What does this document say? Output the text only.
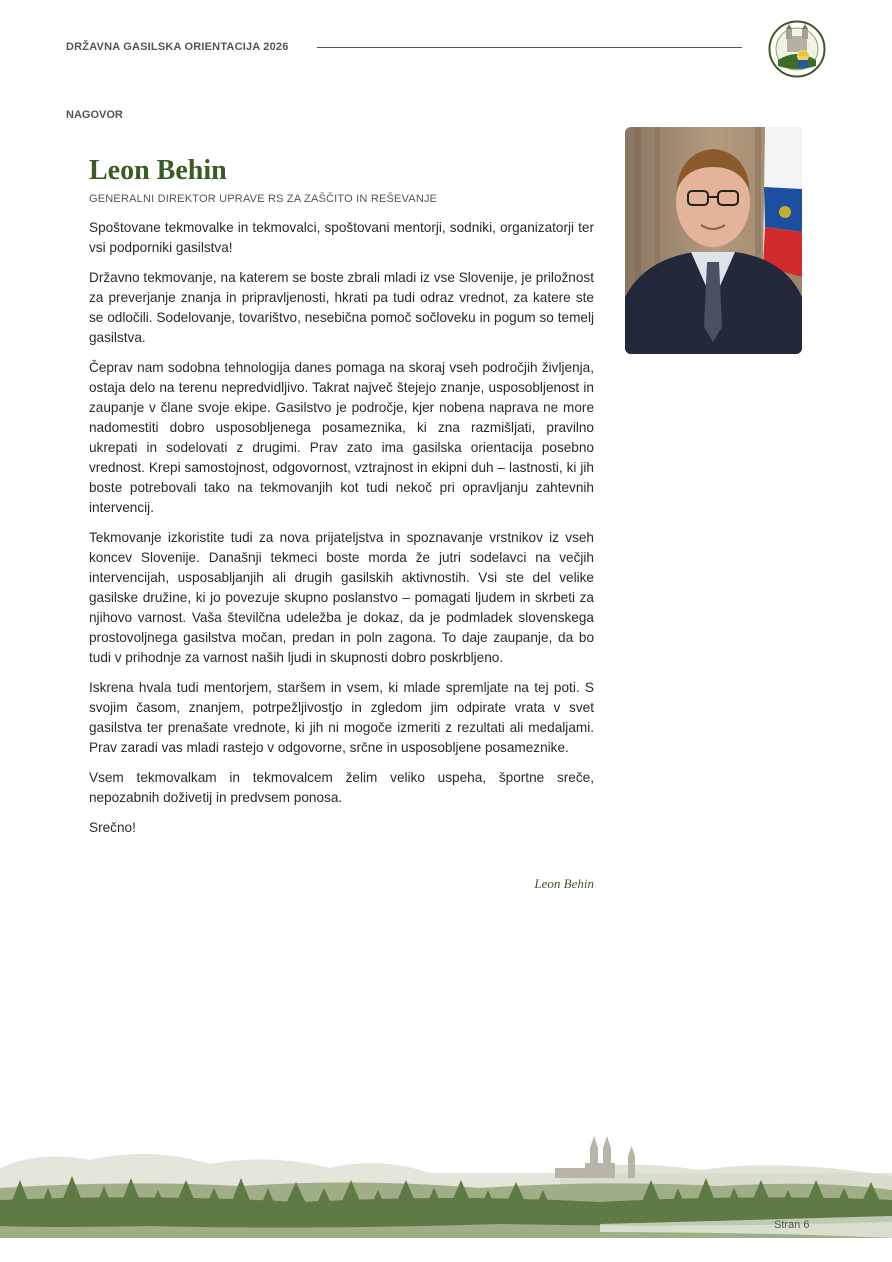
DRŽAVNA GASILSKA ORIENTACIJA 2026
NAGOVOR
Leon Behin
GENERALNI DIREKTOR UPRAVE RS ZA ZAŠČITO IN REŠEVANJE

Spoštovane tekmovalke in tekmovalci, spoštovani mentorji, sodniki, organizatorji ter vsi podporniki gasilstva!

Državno tekmovanje, na katerem se boste zbrali mladi iz vse Slovenije, je priložnost za preverjanje znanja in pripravljenosti, hkrati pa tudi odraz vrednot, za katere ste se odločili. Sodelovanje, tovarištvo, nesebična pomoč sočloveku in pogum so temelj gasilstva.

Čeprav nam sodobna tehnologija danes pomaga na skoraj vseh področjih življenja, ostaja delo na terenu nepredvidljivo. Takrat največ štejejo znanje, usposobljenost in zaupanje v člane svoje ekipe. Gasilstvo je področje, kjer nobena naprava ne more nadomestiti dobro usposobljenega posameznika, ki zna razmišljati, pravilno ukrepati in sodelovati z drugimi. Prav zato ima gasilska orientacija posebno vrednost. Krepi samostojnost, odgovornost, vztrajnost in ekipni duh – lastnosti, ki jih boste potrebovali tako na tekmovanjih kot tudi nekoč pri opravljanju zahtevnih intervencij.

Tekmovanje izkoristite tudi za nova prijateljstva in spoznavanje vrstnikov iz vseh koncev Slovenije. Današnji tekmeci boste morda že jutri sodelavci na večjih intervencijah, usposabljanjih ali drugih gasilskih aktivnostih. Vsi ste del velike gasilske družine, ki jo povezuje skupno poslanstvo – pomagati ljudem in skrbeti za njihovo varnost. Vaša številčna udeležba je dokaz, da je podmladek slovenskega prostovoljnega gasilstva močan, predan in poln zagona. To daje zaupanje, da bo tudi v prihodnje za varnost naših ljudi in skupnosti dobro poskrbljeno.

Iskrena hvala tudi mentorjem, staršem in vsem, ki mlade spremljate na tej poti. S svojim časom, znanjem, potrpežljivostjo in zgledom jim odpirate vrata v svet gasilstva ter prenašate vrednote, ki jih ni mogoče izmeriti z rezultati ali medaljami. Prav zaradi vas mladi rastejo v odgovorne, srčne in usposobljene posameznike.

Vsem tekmovalkam in tekmovalcem želim veliko uspeha, športne sreče, nepozabnih doživetij in predvsem ponosa.

Srečno!

Leon Behin
Stran 6
